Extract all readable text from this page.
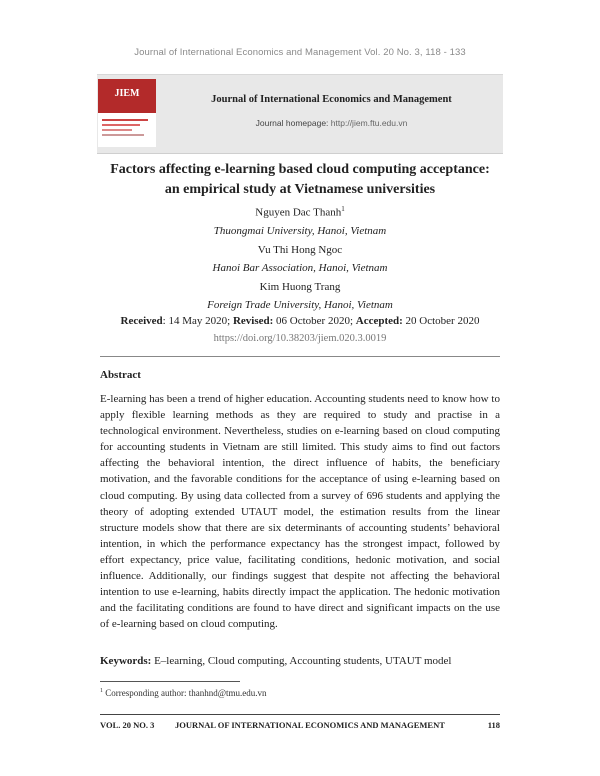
Journal of International Economics and Management Vol. 20 No. 3, 118 - 133
JIEM
Journal of International Economics and Management
Journal homepage: http://jiem.ftu.edu.vn
Factors affecting e-learning based cloud computing acceptance:
an empirical study at Vietnamese universities
Nguyen Dac Thanh$^1$
Thuongmai University, Hanoi, Vietnam
Vu Thi Hong Ngoc
Hanoi Bar Association, Hanoi, Vietnam
Kim Huong Trang
Foreign Trade University, Hanoi, Vietnam
Received: 14 May 2020; Revised: 06 October 2020; Accepted: 20 October 2020
https://doi.org/10.38203/jiem.020.3.0019
Abstract
E-learning has been a trend of higher education. Accounting students need to know how to apply flexible learning methods as they are required to study and practise in a technological environment. Nevertheless, studies on e-learning based on cloud computing for accounting students in Vietnam are still limited. This study aims to find out factors affecting the behavioral intention, the direct influence of habits, the beneficiary motivation, and the favorable conditions for the acceptance of using e-learning based on cloud computing. By using data collected from a survey of 696 students and applying the theory of adopting extended UTAUT model, the estimation results from the linear structure models show that there are six determinants of accounting students’ behavioral intention, in which the performance expectancy has the strongest impact, followed by effort expectancy, price value, facilitating conditions, hedonic motivation, and social influence. Additionally, our findings suggest that despite not affecting the behavioral intention to use e-learning, habits directly impact the application. The hedonic motivation and the facilitating conditions are found to have direct and significant impacts on the use of e-learning based on cloud computing.
Keywords: E–learning, Cloud computing, Accounting students, UTAUT model
$^1$ Corresponding author: thanhnd@tmu.edu.vn
VOL. 20 NO. 3 JOURNAL OF INTERNATIONAL ECONOMICS AND MANAGEMENT	118
